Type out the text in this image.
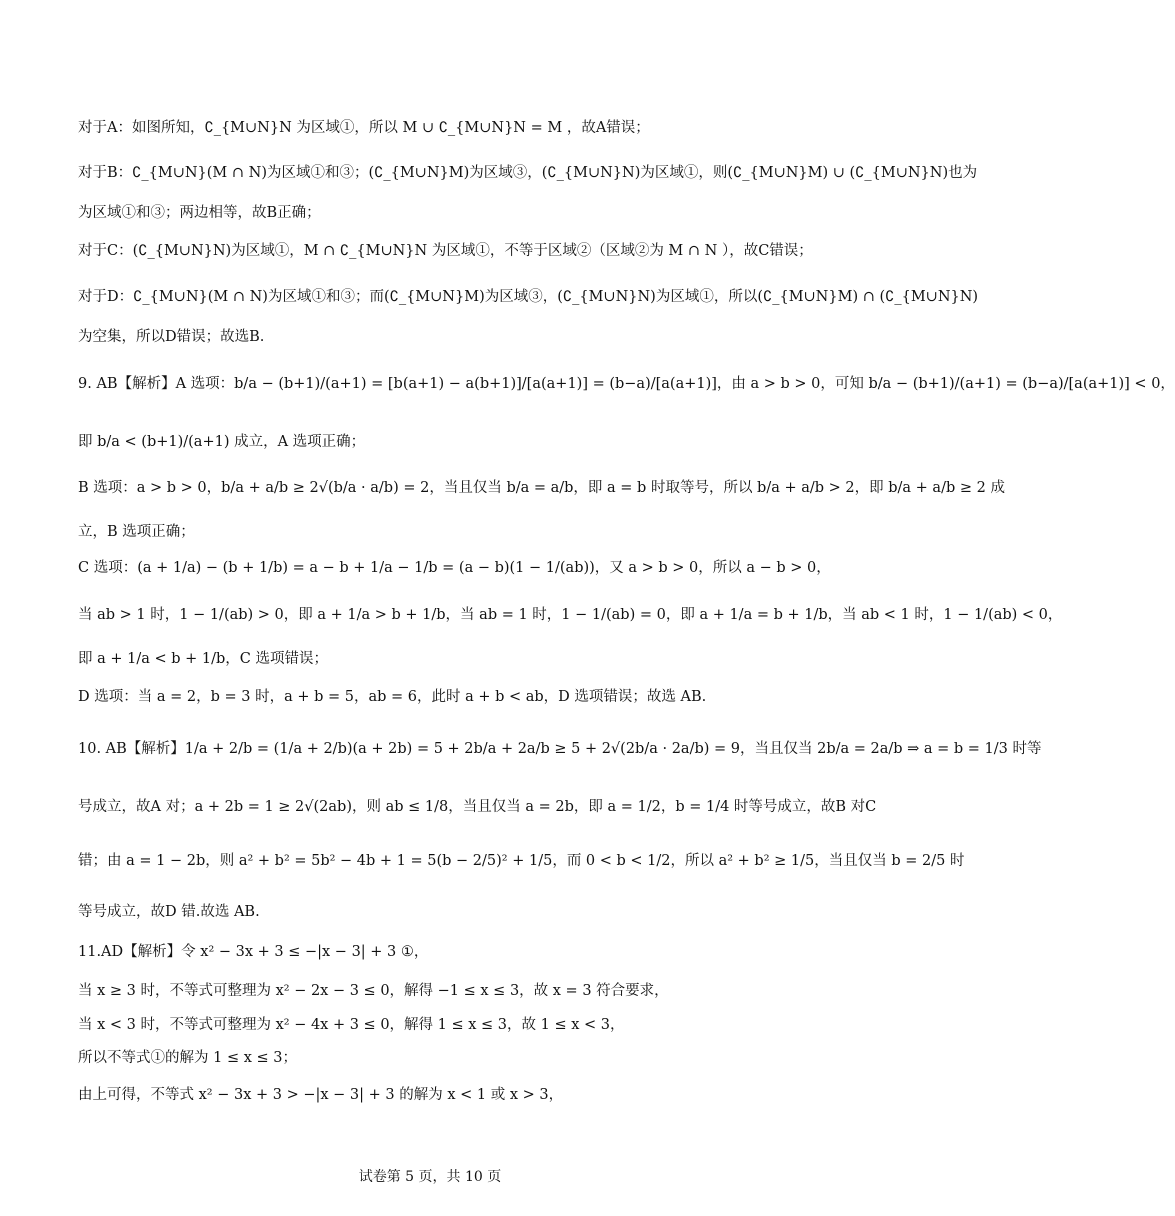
对于A：如图所知，∁_{M∪N}N 为区域①，所以 M ∪ ∁_{M∪N}N = M ，故A错误；
对于B：∁_{M∪N}(M ∩ N)为区域①和③；(∁_{M∪N}M)为区域③，(∁_{M∪N}N)为区域①，则(∁_{M∪N}M) ∪ (∁_{M∪N}N)也为
为区域①和③；两边相等，故B正确；
对于C：(∁_{M∪N}N)为区域①，M ∩ ∁_{M∪N}N 为区域①，不等于区域②（区域②为 M ∩ N ），故C错误；
对于D：∁_{M∪N}(M ∩ N)为区域①和③；而(∁_{M∪N}M)为区域③，(∁_{M∪N}N)为区域①，所以(∁_{M∪N}M) ∩ (∁_{M∪N}N)
为空集，所以D错误；故选B.
9. AB【解析】A 选项：b/a − (b+1)/(a+1) = [b(a+1) − a(b+1)]/[a(a+1)] = (b−a)/[a(a+1)]，由 a > b > 0，可知 b/a − (b+1)/(a+1) = (b−a)/[a(a+1)] < 0，
即 b/a < (b+1)/(a+1) 成立，A 选项正确；
B 选项：a > b > 0，b/a + a/b ≥ 2√(b/a · a/b) = 2，当且仅当 b/a = a/b，即 a = b 时取等号，所以 b/a + a/b > 2，即 b/a + a/b ≥ 2 成
立，B 选项正确；
C 选项：(a + 1/a) − (b + 1/b) = a − b + 1/a − 1/b = (a − b)(1 − 1/(ab))，又 a > b > 0，所以 a − b > 0，
当 ab > 1 时，1 − 1/(ab) > 0，即 a + 1/a > b + 1/b，当 ab = 1 时，1 − 1/(ab) = 0，即 a + 1/a = b + 1/b，当 ab < 1 时，1 − 1/(ab) < 0，
即 a + 1/a < b + 1/b，C 选项错误；
D 选项：当 a = 2，b = 3 时，a + b = 5，ab = 6，此时 a + b < ab，D 选项错误；故选 AB.
10. AB【解析】1/a + 2/b = (1/a + 2/b)(a + 2b) = 5 + 2b/a + 2a/b ≥ 5 + 2√(2b/a · 2a/b) = 9，当且仅当 2b/a = 2a/b ⇒ a = b = 1/3 时等
号成立，故A 对；a + 2b = 1 ≥ 2√(2ab)，则 ab ≤ 1/8，当且仅当 a = 2b，即 a = 1/2，b = 1/4 时等号成立，故B 对C
错；由 a = 1 − 2b，则 a² + b² = 5b² − 4b + 1 = 5(b − 2/5)² + 1/5，而 0 < b < 1/2，所以 a² + b² ≥ 1/5，当且仅当 b = 2/5 时
等号成立，故D 错.故选 AB.
11.AD【解析】令 x² − 3x + 3 ≤ −|x − 3| + 3 ①，
当 x ≥ 3 时，不等式可整理为 x² − 2x − 3 ≤ 0，解得 −1 ≤ x ≤ 3，故 x = 3 符合要求，
当 x < 3 时，不等式可整理为 x² − 4x + 3 ≤ 0，解得 1 ≤ x ≤ 3，故 1 ≤ x < 3，
所以不等式①的解为 1 ≤ x ≤ 3；
由上可得，不等式 x² − 3x + 3 > −|x − 3| + 3 的解为 x < 1 或 x > 3，
试卷第 5 页，共 10 页
